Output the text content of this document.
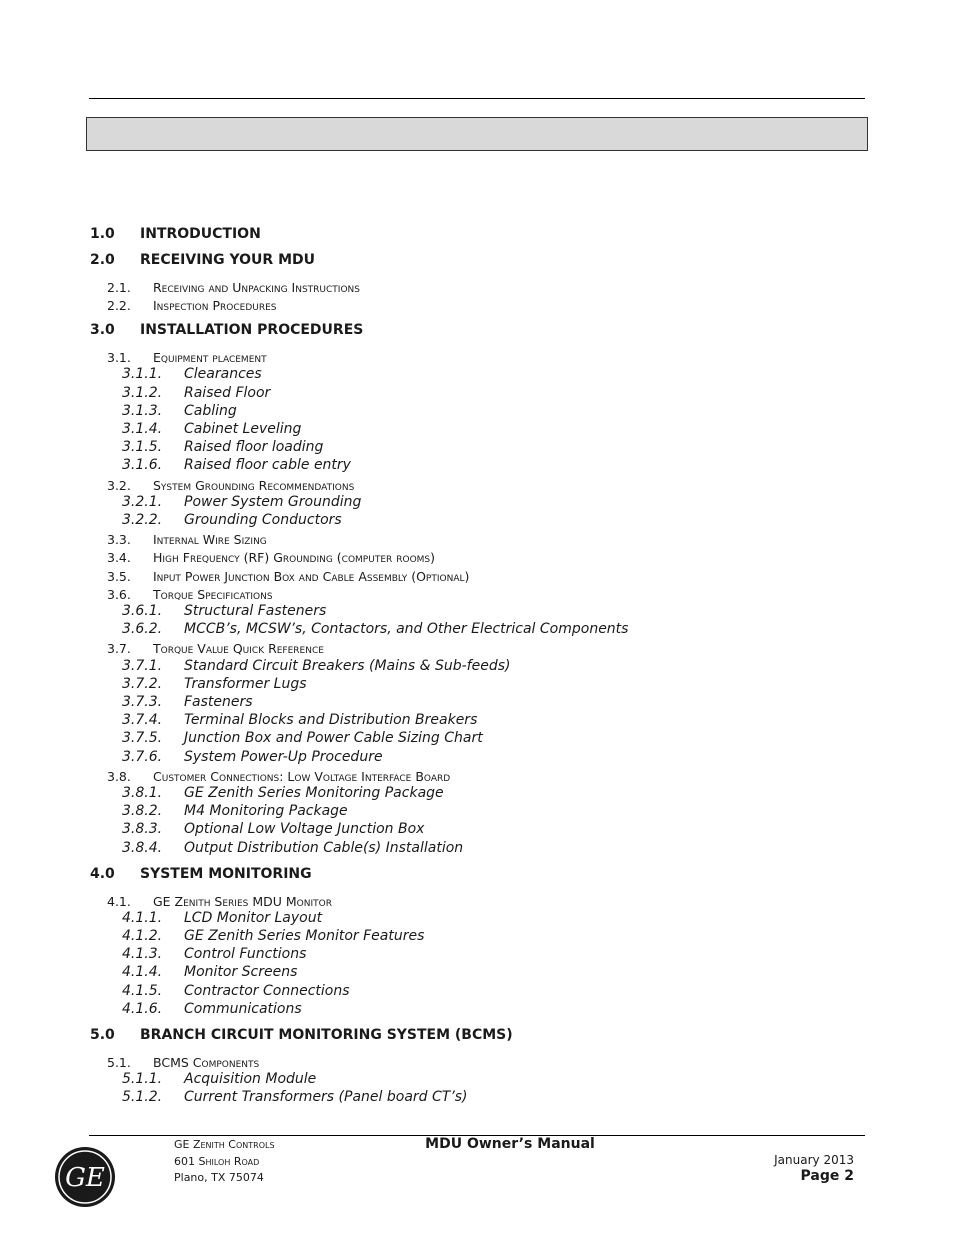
1.0 INTRODUCTION
2.0 RECEIVING YOUR MDU
2.1. Receiving and Unpacking Instructions
2.2. Inspection Procedures
3.0 INSTALLATION PROCEDURES
3.1. Equipment placement
3.1.1. Clearances
3.1.2. Raised Floor
3.1.3. Cabling
3.1.4. Cabinet Leveling
3.1.5. Raised floor loading
3.1.6. Raised floor cable entry
3.2. System Grounding Recommendations
3.2.1. Power System Grounding
3.2.2. Grounding Conductors
3.3. Internal Wire Sizing
3.4. High Frequency (RF) Grounding (computer rooms)
3.5. Input Power Junction Box and Cable Assembly (Optional)
3.6. Torque Specifications
3.6.1. Structural Fasteners
3.6.2. MCCB’s, MCSW’s, Contactors, and Other Electrical Components
3.7. Torque Value Quick Reference
3.7.1. Standard Circuit Breakers (Mains & Sub-feeds)
3.7.2. Transformer Lugs
3.7.3. Fasteners
3.7.4. Terminal Blocks and Distribution Breakers
3.7.5. Junction Box and Power Cable Sizing Chart
3.7.6. System Power-Up Procedure
3.8. Customer Connections: Low Voltage Interface Board
3.8.1. GE Zenith Series Monitoring Package
3.8.2. M4 Monitoring Package
3.8.3. Optional Low Voltage Junction Box
3.8.4. Output Distribution Cable(s) Installation
4.0 SYSTEM MONITORING
4.1. GE Zenith Series MDU Monitor
4.1.1. LCD Monitor Layout
4.1.2. GE Zenith Series Monitor Features
4.1.3. Control Functions
4.1.4. Monitor Screens
4.1.5. Contractor Connections
4.1.6. Communications
5.0 BRANCH CIRCUIT MONITORING SYSTEM (BCMS)
5.1. BCMS Components
5.1.1. Acquisition Module
5.1.2. Current Transformers (Panel board CT’s)
GE
GE Zenith Controls
601 Shiloh Road
Plano, TX 75074
MDU Owner’s Manual
January 2013
Page 2
